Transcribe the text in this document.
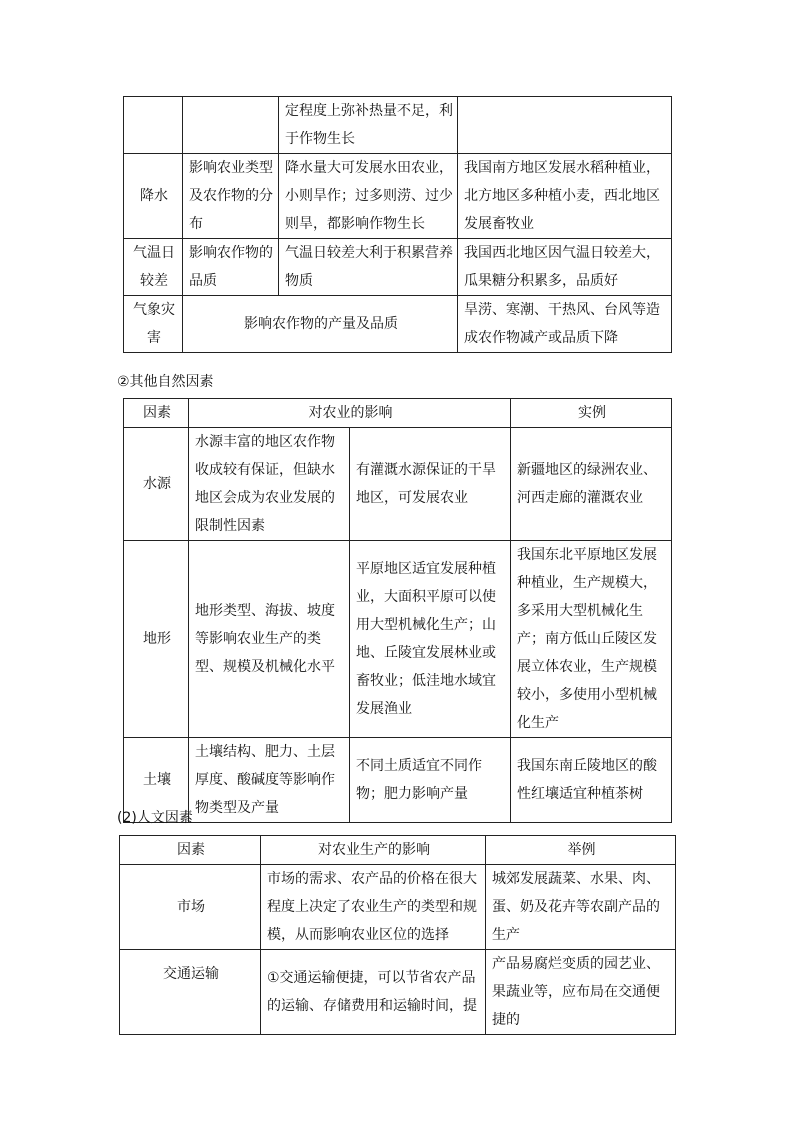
		定程度上弥补热量不足，利于作物生长	
降水	影响农业类型及农作物的分布	降水量大可发展水田农业，小则旱作；过多则涝、过少则旱，都影响作物生长	我国南方地区发展水稻种植业，北方地区多种植小麦，西北地区发展畜牧业
气温日较差	影响农作物的品质	气温日较差大利于积累营养物质	我国西北地区因气温日较差大，瓜果糖分积累多，品质好
气象灾害	影响农作物的产量及品质		旱涝、寒潮、干热风、台风等造成农作物减产或品质下降
②其他自然因素
因素	对农业的影响		实例
水源	水源丰富的地区农作物收成较有保证，但缺水地区会成为农业发展的限制性因素	有灌溉水源保证的干旱地区，可发展农业	新疆地区的绿洲农业、河西走廊的灌溉农业
地形	地形类型、海拔、坡度等影响农业生产的类型、规模及机械化水平	平原地区适宜发展种植业，大面积平原可以使用大型机械化生产；山地、丘陵宜发展林业或畜牧业；低洼地水域宜发展渔业	我国东北平原地区发展种植业，生产规模大，多采用大型机械化生产；南方低山丘陵区发展立体农业，生产规模较小，多使用小型机械化生产
土壤	土壤结构、肥力、土层厚度、酸碱度等影响作物类型及产量	不同土质适宜不同作物；肥力影响产量	我国东南丘陵地区的酸性红壤适宜种植茶树
(2)人文因素
因素	对农业生产的影响	举例
市场	市场的需求、农产品的价格在很大程度上决定了农业生产的类型和规模，从而影响农业区位的选择	城郊发展蔬菜、水果、肉、蛋、奶及花卉等农副产品的生产
交通运输	①交通运输便捷，可以节省农产品的运输、存储费用和运输时间，提	产品易腐烂变质的园艺业、果蔬业等，应布局在交通便捷的
